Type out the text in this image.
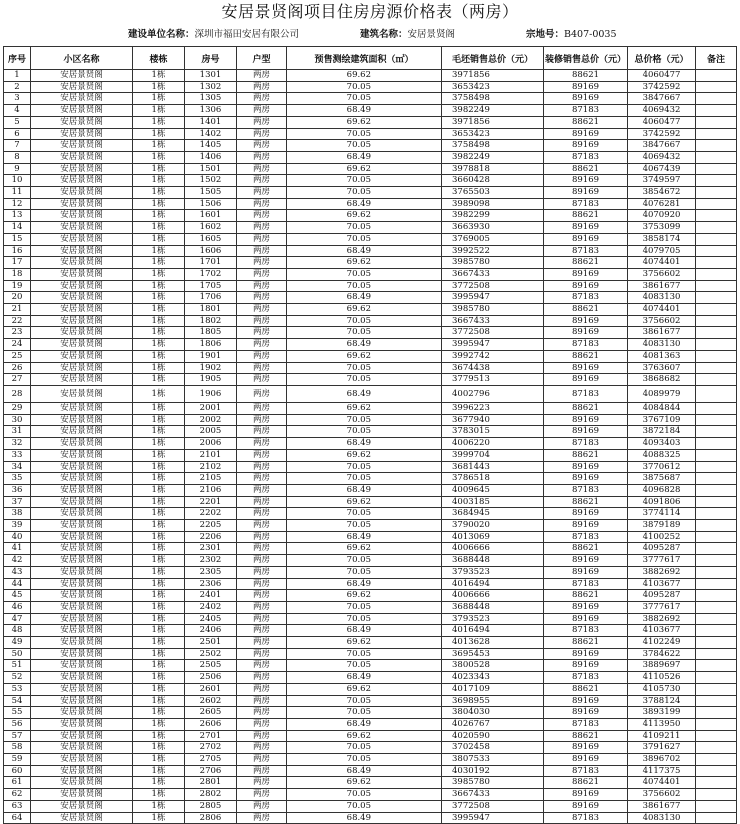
安居景贤阁项目住房房源价格表（两房）
建设单位名称：深圳市福田安居有限公司	建筑名称：安居景贤阁	宗地号：B407-0035
序号	小区名称	楼栋	房号	户型	预售测绘建筑面积（㎡）	毛坯销售总价（元）	装修销售总价（元）	总价格（元）	备注
1	安居景贤阁	1栋	1301	两房	69.62	3971856	88621	4060477	
2	安居景贤阁	1栋	1302	两房	70.05	3653423	89169	3742592	
3	安居景贤阁	1栋	1305	两房	70.05	3758498	89169	3847667	
4	安居景贤阁	1栋	1306	两房	68.49	3982249	87183	4069432	
5	安居景贤阁	1栋	1401	两房	69.62	3971856	88621	4060477	
6	安居景贤阁	1栋	1402	两房	70.05	3653423	89169	3742592	
7	安居景贤阁	1栋	1405	两房	70.05	3758498	89169	3847667	
8	安居景贤阁	1栋	1406	两房	68.49	3982249	87183	4069432	
9	安居景贤阁	1栋	1501	两房	69.62	3978818	88621	4067439	
10	安居景贤阁	1栋	1502	两房	70.05	3660428	89169	3749597	
11	安居景贤阁	1栋	1505	两房	70.05	3765503	89169	3854672	
12	安居景贤阁	1栋	1506	两房	68.49	3989098	87183	4076281	
13	安居景贤阁	1栋	1601	两房	69.62	3982299	88621	4070920	
14	安居景贤阁	1栋	1602	两房	70.05	3663930	89169	3753099	
15	安居景贤阁	1栋	1605	两房	70.05	3769005	89169	3858174	
16	安居景贤阁	1栋	1606	两房	68.49	3992522	87183	4079705	
17	安居景贤阁	1栋	1701	两房	69.62	3985780	88621	4074401	
18	安居景贤阁	1栋	1702	两房	70.05	3667433	89169	3756602	
19	安居景贤阁	1栋	1705	两房	70.05	3772508	89169	3861677	
20	安居景贤阁	1栋	1706	两房	68.49	3995947	87183	4083130	
21	安居景贤阁	1栋	1801	两房	69.62	3985780	88621	4074401	
22	安居景贤阁	1栋	1802	两房	70.05	3667433	89169	3756602	
23	安居景贤阁	1栋	1805	两房	70.05	3772508	89169	3861677	
24	安居景贤阁	1栋	1806	两房	68.49	3995947	87183	4083130	
25	安居景贤阁	1栋	1901	两房	69.62	3992742	88621	4081363	
26	安居景贤阁	1栋	1902	两房	70.05	3674438	89169	3763607	
27	安居景贤阁	1栋	1905	两房	70.05	3779513	89169	3868682	
28	安居景贤阁	1栋	1906	两房	68.49	4002796	87183	4089979	
29	安居景贤阁	1栋	2001	两房	69.62	3996223	88621	4084844	
30	安居景贤阁	1栋	2002	两房	70.05	3677940	89169	3767109	
31	安居景贤阁	1栋	2005	两房	70.05	3783015	89169	3872184	
32	安居景贤阁	1栋	2006	两房	68.49	4006220	87183	4093403	
33	安居景贤阁	1栋	2101	两房	69.62	3999704	88621	4088325	
34	安居景贤阁	1栋	2102	两房	70.05	3681443	89169	3770612	
35	安居景贤阁	1栋	2105	两房	70.05	3786518	89169	3875687	
36	安居景贤阁	1栋	2106	两房	68.49	4009645	87183	4096828	
37	安居景贤阁	1栋	2201	两房	69.62	4003185	88621	4091806	
38	安居景贤阁	1栋	2202	两房	70.05	3684945	89169	3774114	
39	安居景贤阁	1栋	2205	两房	70.05	3790020	89169	3879189	
40	安居景贤阁	1栋	2206	两房	68.49	4013069	87183	4100252	
41	安居景贤阁	1栋	2301	两房	69.62	4006666	88621	4095287	
42	安居景贤阁	1栋	2302	两房	70.05	3688448	89169	3777617	
43	安居景贤阁	1栋	2305	两房	70.05	3793523	89169	3882692	
44	安居景贤阁	1栋	2306	两房	68.49	4016494	87183	4103677	
45	安居景贤阁	1栋	2401	两房	69.62	4006666	88621	4095287	
46	安居景贤阁	1栋	2402	两房	70.05	3688448	89169	3777617	
47	安居景贤阁	1栋	2405	两房	70.05	3793523	89169	3882692	
48	安居景贤阁	1栋	2406	两房	68.49	4016494	87183	4103677	
49	安居景贤阁	1栋	2501	两房	69.62	4013628	88621	4102249	
50	安居景贤阁	1栋	2502	两房	70.05	3695453	89169	3784622	
51	安居景贤阁	1栋	2505	两房	70.05	3800528	89169	3889697	
52	安居景贤阁	1栋	2506	两房	68.49	4023343	87183	4110526	
53	安居景贤阁	1栋	2601	两房	69.62	4017109	88621	4105730	
54	安居景贤阁	1栋	2602	两房	70.05	3698955	89169	3788124	
55	安居景贤阁	1栋	2605	两房	70.05	3804030	89169	3893199	
56	安居景贤阁	1栋	2606	两房	68.49	4026767	87183	4113950	
57	安居景贤阁	1栋	2701	两房	69.62	4020590	88621	4109211	
58	安居景贤阁	1栋	2702	两房	70.05	3702458	89169	3791627	
59	安居景贤阁	1栋	2705	两房	70.05	3807533	89169	3896702	
60	安居景贤阁	1栋	2706	两房	68.49	4030192	87183	4117375	
61	安居景贤阁	1栋	2801	两房	69.62	3985780	88621	4074401	
62	安居景贤阁	1栋	2802	两房	70.05	3667433	89169	3756602	
63	安居景贤阁	1栋	2805	两房	70.05	3772508	89169	3861677	
64	安居景贤阁	1栋	2806	两房	68.49	3995947	87183	4083130	
